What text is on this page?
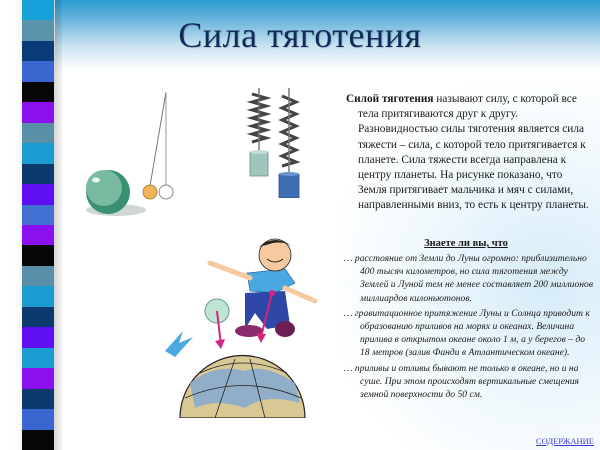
Сила тяготения

Силой тяготения называют силу, с которой все тела притягиваются друг к другу. Разновидностью силы тяготения является сила тяжести – сила, с которой тело притягивается к планете. Сила тяжести всегда направлена к центру планеты. На рисунке показано, что Земля притягивает мальчика и мяч с силами, направленными вниз, то есть к центру планеты.

Знаете ли вы, что

… расстояние от Земли до Луны огромно: приблизительно 400 тысяч километров, но сила тяготения между Землей и Луной тем не менее составляет 200 миллионов миллиардов килоньютонов.

… гравитационное притяжение Луны и Солнца приводит к образованию приливов на морях и океанах. Величина прилива в открытом океане около 1 м, а у берегов – до 18 метров (залив Фанди в Атлантическом океане).

… приливы и отливы бывают не только в океане, но и на суше. При этом происходят вертикальные смещения земной поверхности до 50 см.

СОДЕРЖАНИЕ
